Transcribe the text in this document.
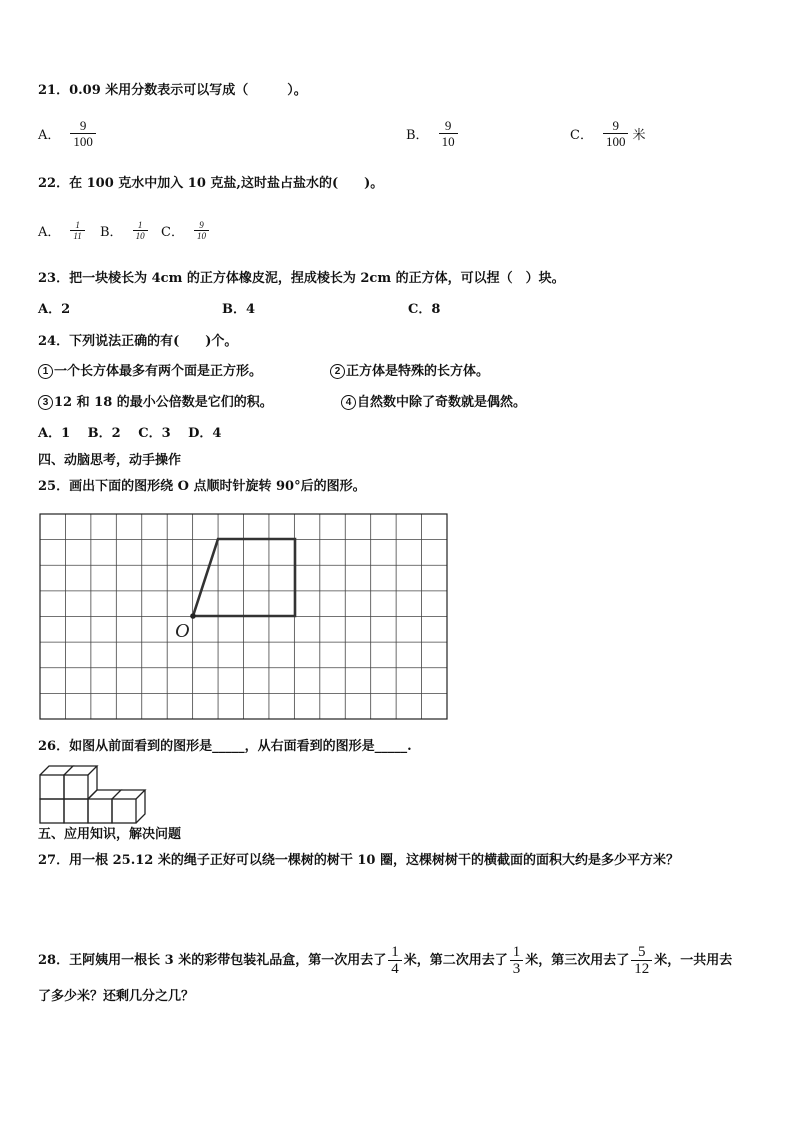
21．0.09 米用分数表示可以写成（　　　）。
A． $\frac{9}{100}$	B． $\frac{9}{10}$	C． $\frac{9}{100}$ 米
22．在 100 克水中加入 10 克盐,这时盐占盐水的(　　)。
A． $\frac{1}{11}$ B． $\frac{1}{10}$ C． $\frac{9}{10}$
23．把一块棱长为 4cm 的正方体橡皮泥，捏成棱长为 2cm 的正方体，可以捏（　）块。
A．2	B．4	C．8
24．下列说法正确的有(　　)个。
1 一个长方体最多有两个面是正方形。	2 正方体是特殊的长方体。
3 12 和 18 的最小公倍数是它们的积。	4 自然数中除了奇数就是偶然。
A．1　 B．2　 C．3　 D．4
四、动脑思考，动手操作
25．画出下面的图形绕 O 点顺时针旋转 90°后的图形。
O
26．如图从前面看到的图形是_____，从右面看到的图形是_____.
五、应用知识，解决问题
27．用一根 25.12 米的绳子正好可以绕一棵树的树干 10 圈，这棵树树干的横截面的面积大约是多少平方米？
28．王阿姨用一根长 3 米的彩带包装礼品盒，第一次用去了 $\frac{1}{4}$ 米，第二次用去了 $\frac{1}{3}$ 米，第三次用去了 $\frac{5}{12}$ 米，一共用去
了多少米？还剩几分之几？
